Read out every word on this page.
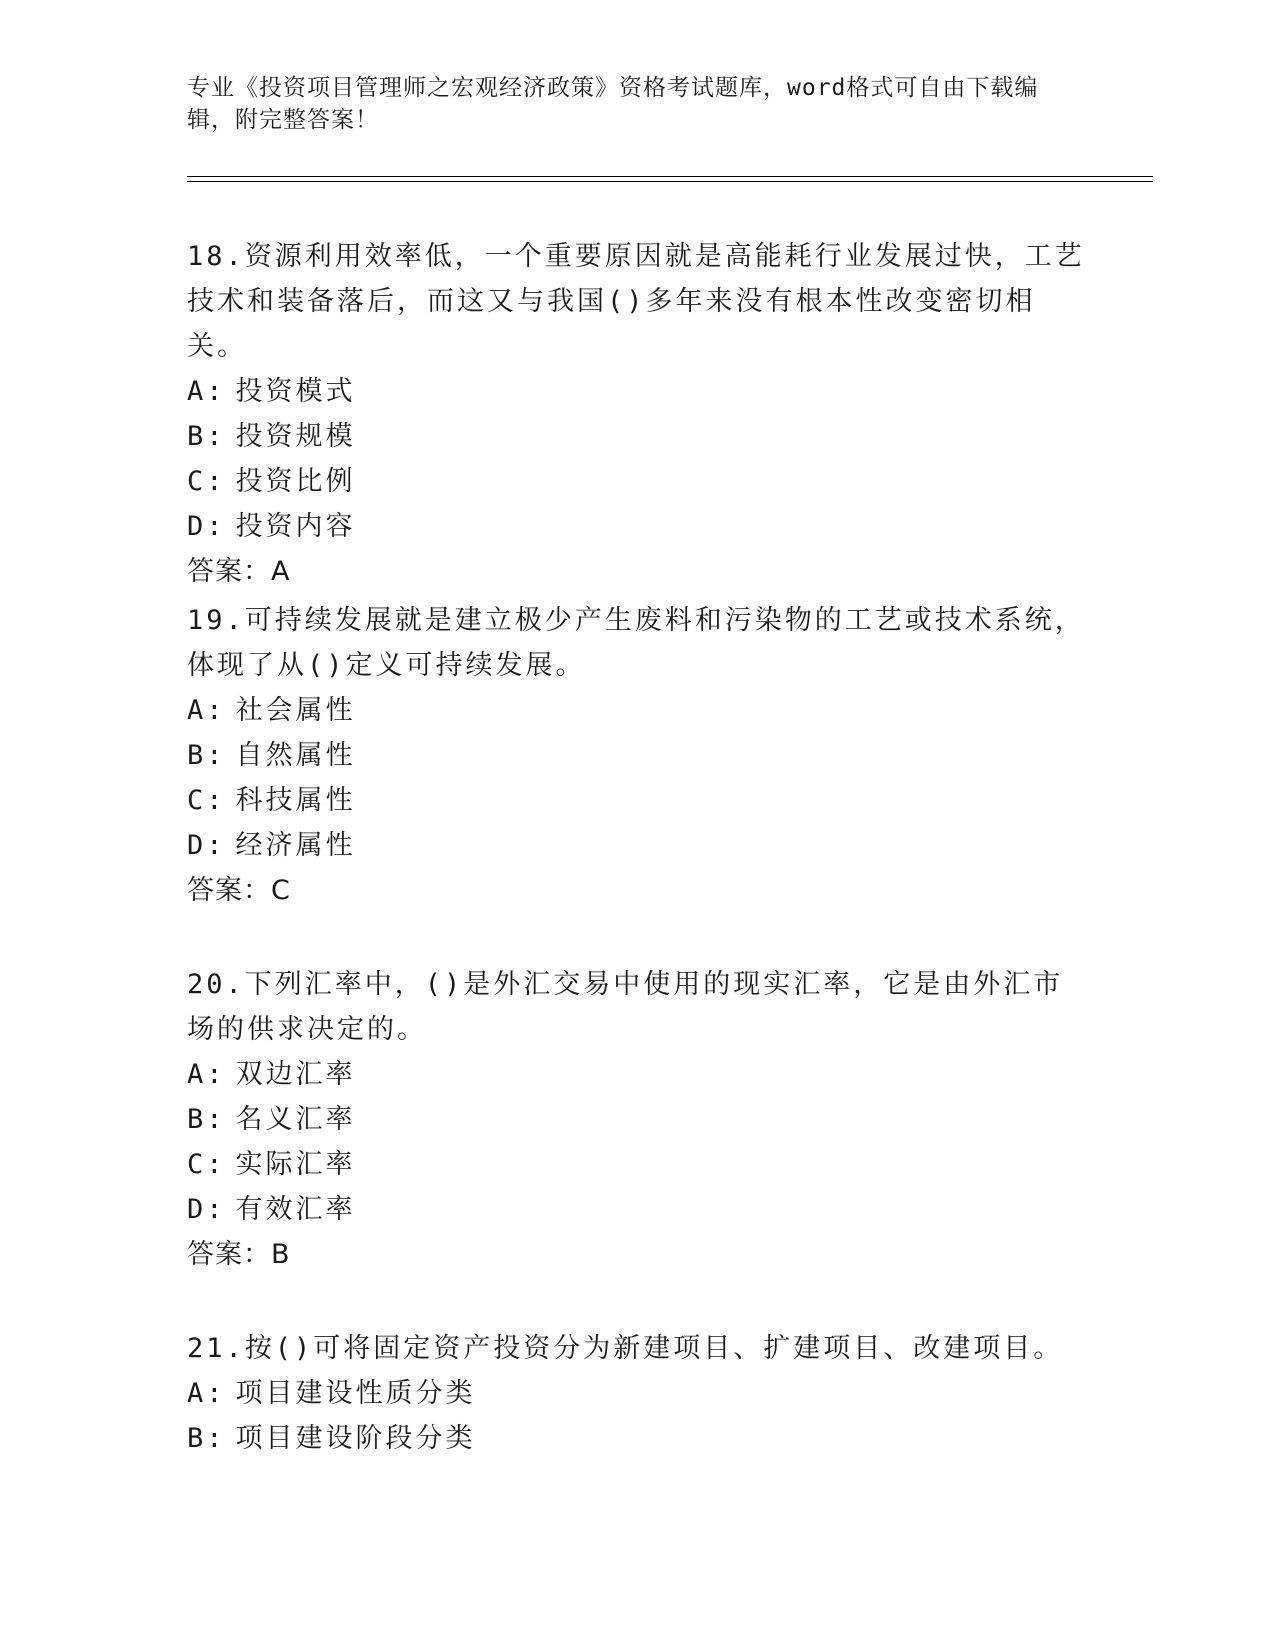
专业《投资项目管理师之宏观经济政策》资格考试题库，word格式可自由下载编辑，附完整答案！

18.资源利用效率低，一个重要原因就是高能耗行业发展过快，工艺技术和装备落后，而这又与我国()多年来没有根本性改变密切相关。

A: 投资模式

B: 投资规模

C: 投资比例

D: 投资内容

答案：A

19.可持续发展就是建立极少产生废料和污染物的工艺或技术系统，体现了从()定义可持续发展。

A: 社会属性

B: 自然属性

C: 科技属性

D: 经济属性

答案：C

20.下列汇率中，()是外汇交易中使用的现实汇率，它是由外汇市场的供求决定的。

A: 双边汇率

B: 名义汇率

C: 实际汇率

D: 有效汇率

答案：B

21.按()可将固定资产投资分为新建项目、扩建项目、改建项目。

A: 项目建设性质分类

B: 项目建设阶段分类
